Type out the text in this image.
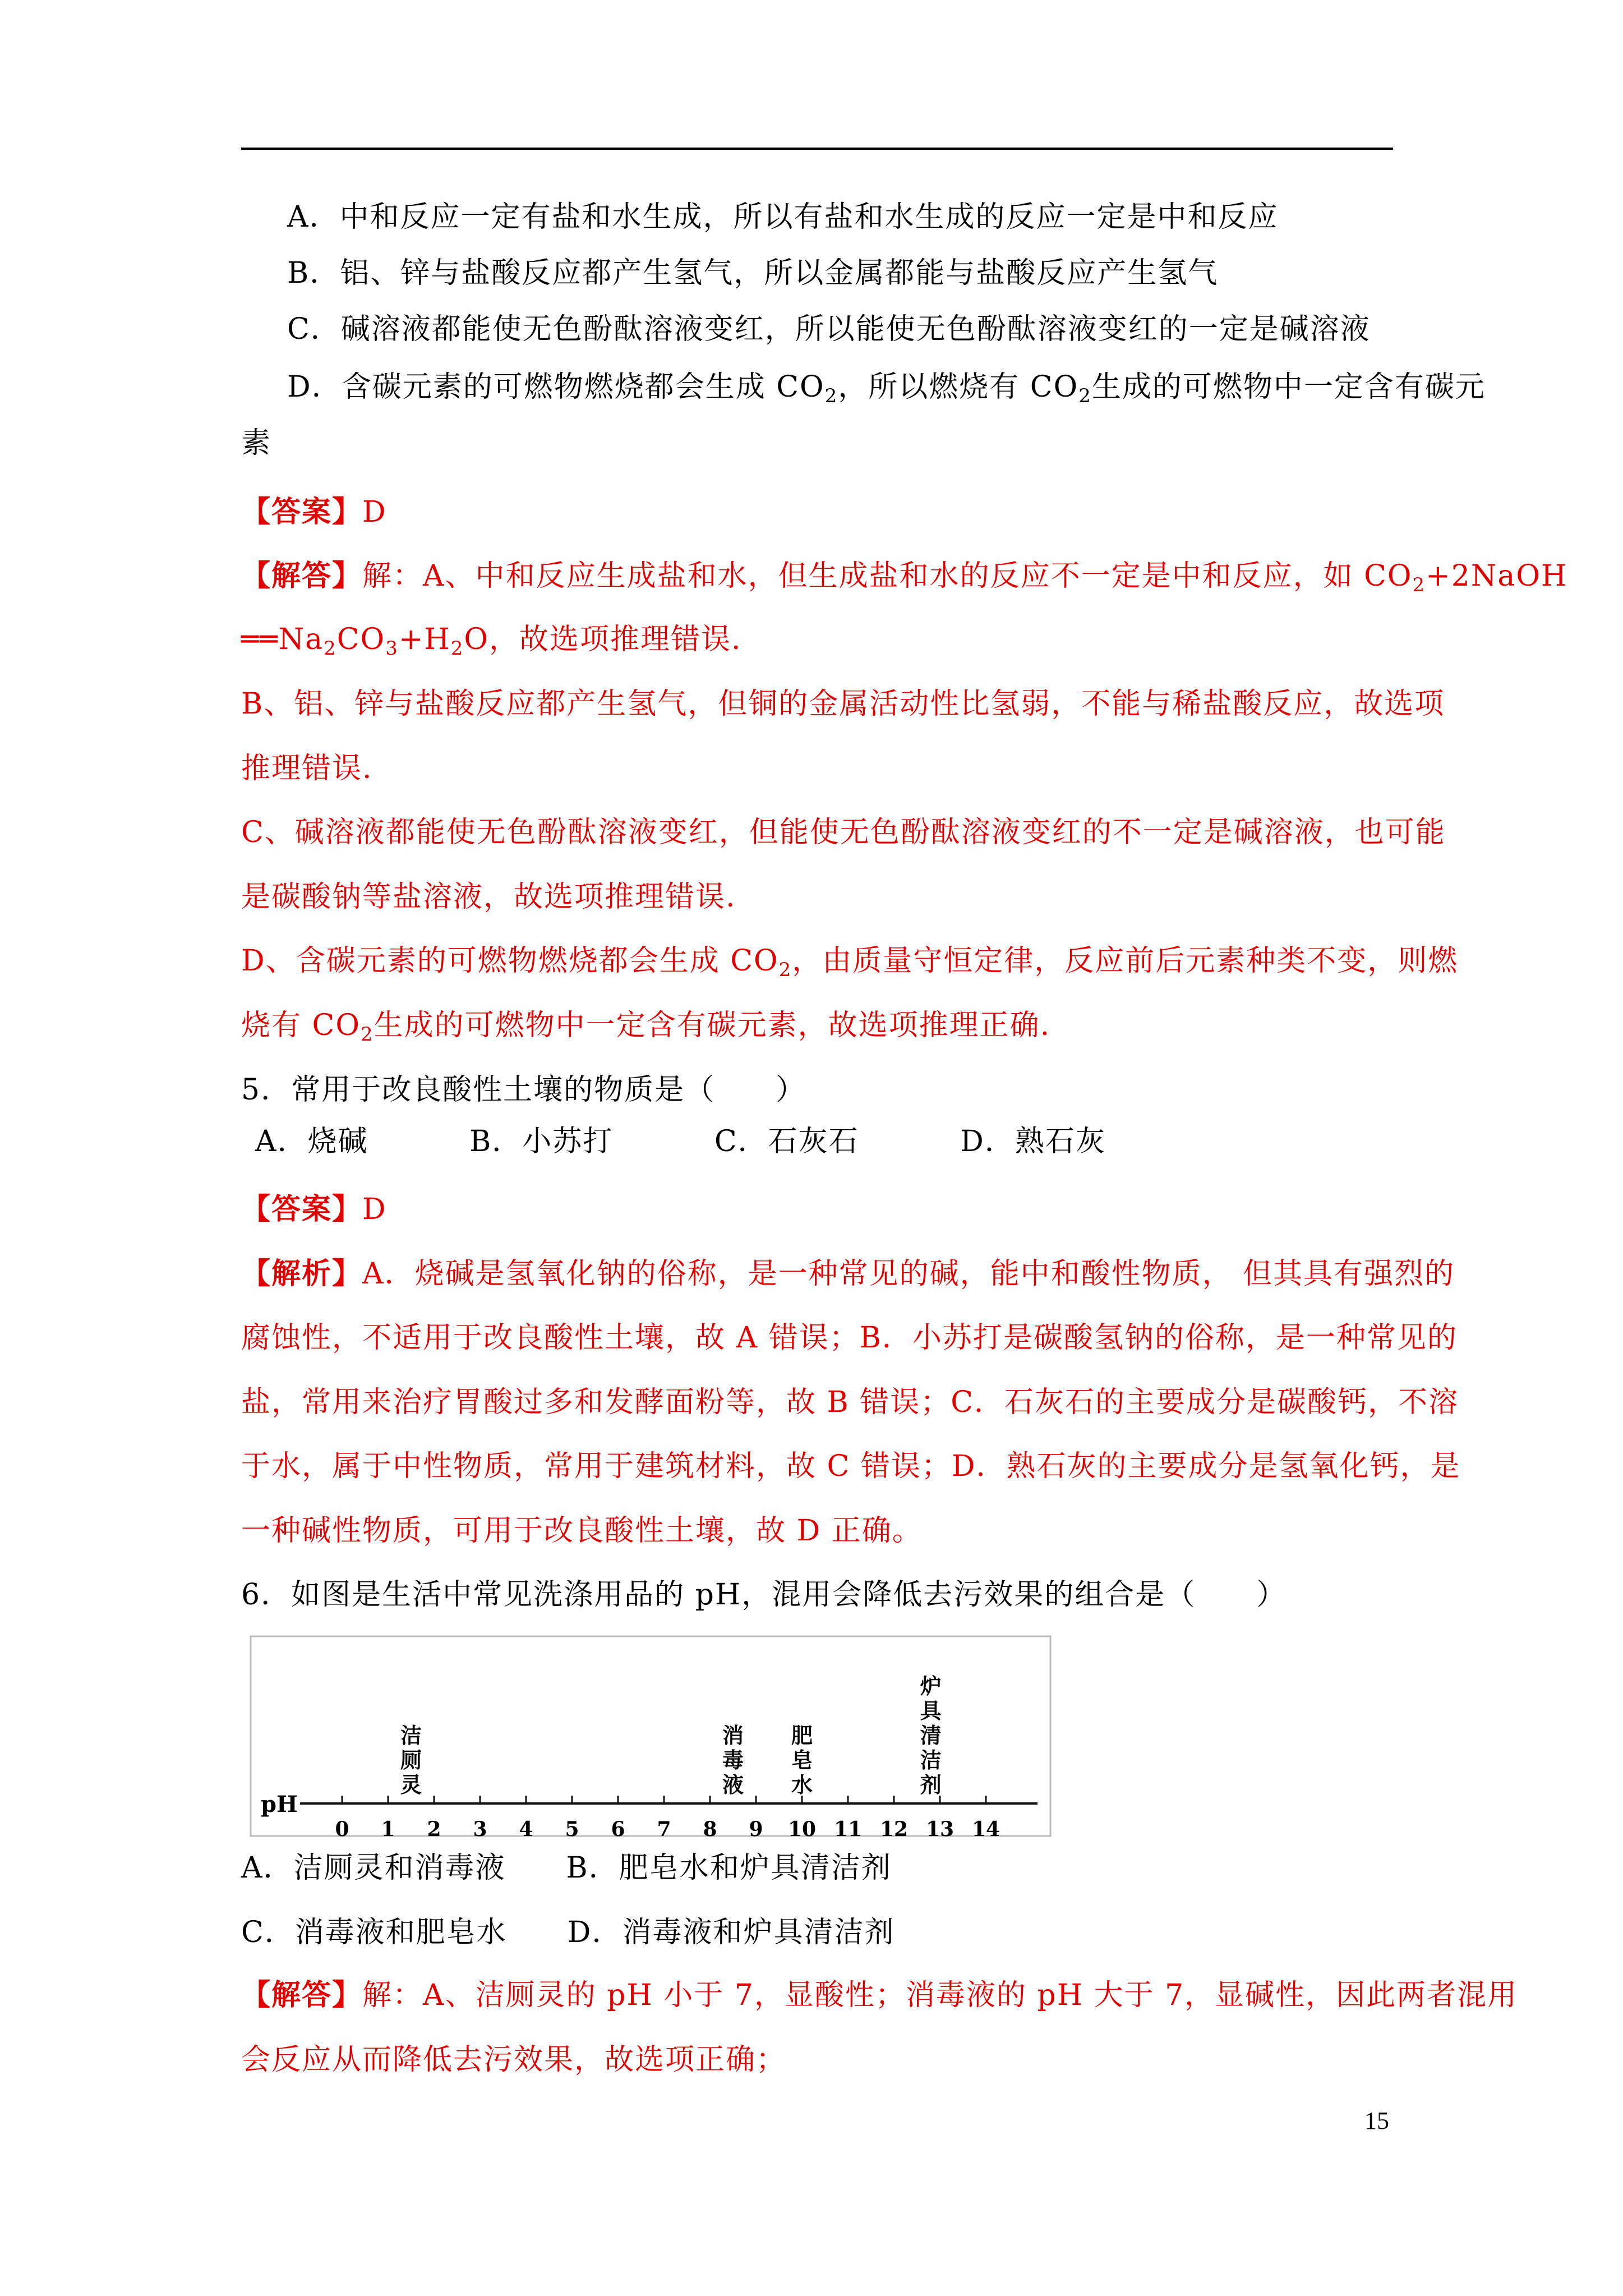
A．中和反应一定有盐和水生成，所以有盐和水生成的反应一定是中和反应
B．铝、锌与盐酸反应都产生氢气，所以金属都能与盐酸反应产生氢气
C．碱溶液都能使无色酚酞溶液变红，所以能使无色酚酞溶液变红的一定是碱溶液
D．含碳元素的可燃物燃烧都会生成 $CO_2$，所以燃烧有 $CO_2$生成的可燃物中一定含有碳元
素
【答案】D
【解答】解：A、中和反应生成盐和水，但生成盐和水的反应不一定是中和反应，如 $CO_2+2NaOH$
$══Na_2CO_3+H_2O$，故选项推理错误.
B、铝、锌与盐酸反应都产生氢气，但铜的金属活动性比氢弱，不能与稀盐酸反应，故选项
推理错误.
C、碱溶液都能使无色酚酞溶液变红，但能使无色酚酞溶液变红的不一定是碱溶液，也可能
是碳酸钠等盐溶液，故选项推理错误.
D、含碳元素的可燃物燃烧都会生成 $CO_2$，由质量守恒定律，反应前后元素种类不变，则燃
烧有 $CO_2$生成的可燃物中一定含有碳元素，故选项推理正确.
5．常用于改良酸性土壤的物质是（　　）
A．烧碱　　　 B．小苏打　　　 C．石灰石　　　 D．熟石灰
【答案】D
【解析】A．烧碱是氢氧化钠的俗称，是一种常见的碱，能中和酸性物质， 但其具有强烈的
腐蚀性，不适用于改良酸性土壤，故 A 错误；B．小苏打是碳酸氢钠的俗称，是一种常见的
盐，常用来治疗胃酸过多和发酵面粉等，故 B 错误；C．石灰石的主要成分是碳酸钙，不溶
于水，属于中性物质，常用于建筑材料，故 C 错误；D．熟石灰的主要成分是氢氧化钙，是
一种碱性物质，可用于改良酸性土壤，故 D 正确。
6．如图是生活中常见洗涤用品的 pH，混用会降低去污效果的组合是（　　）
pH
0 1 2 3 4 5 6 7 8 9 10 11 12 13 14
洁
厕
灵
消
毒
液
肥
皂
水
炉
具
清
洁
剂
A．洁厕灵和消毒液　　B．肥皂水和炉具清洁剂
C．消毒液和肥皂水　　D．消毒液和炉具清洁剂
【解答】解：A、洁厕灵的 pH 小于 7，显酸性；消毒液的 pH 大于 7，显碱性，因此两者混用
会反应从而降低去污效果，故选项正确；
15
